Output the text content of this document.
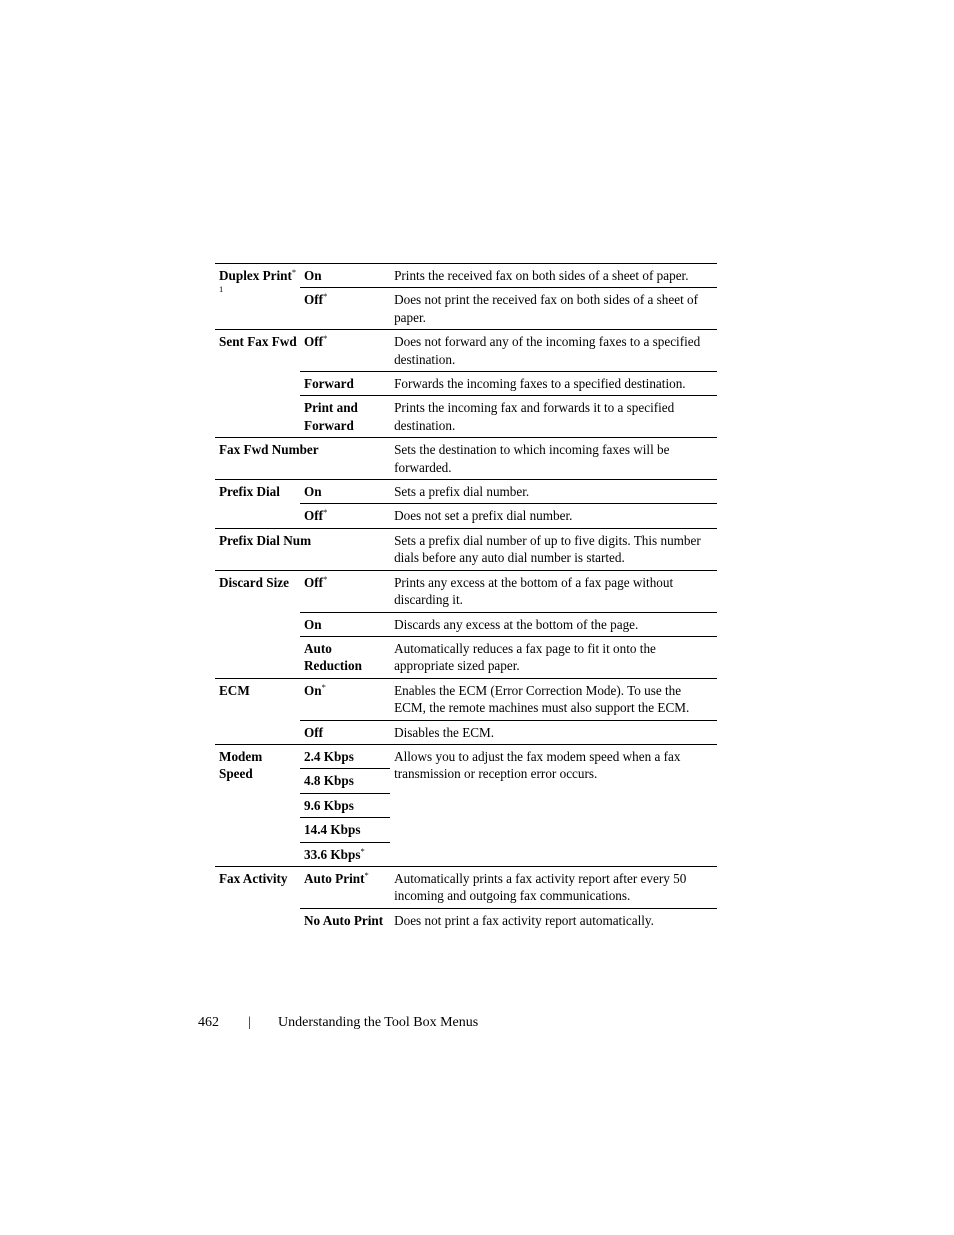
Duplex Print$^{* 1}$	On	Prints the received fax on both sides of a sheet of paper.
	Off*	Does not print the received fax on both sides of a sheet of paper.
Sent Fax Fwd	Off*	Does not forward any of the incoming faxes to a specified destination.
	Forward	Forwards the incoming faxes to a specified destination.
	Print and Forward	Prints the incoming fax and forwards it to a specified destination.
Fax Fwd Number		Sets the destination to which incoming faxes will be forwarded.
Prefix Dial	On	Sets a prefix dial number.
	Off*	Does not set a prefix dial number.
Prefix Dial Num		Sets a prefix dial number of up to five digits. This number dials before any auto dial number is started.
Discard Size	Off*	Prints any excess at the bottom of a fax page without discarding it.
	On	Discards any excess at the bottom of the page.
	Auto Reduction	Automatically reduces a fax page to fit it onto the appropriate sized paper.
ECM	On*	Enables the ECM (Error Correction Mode). To use the ECM, the remote machines must also support the ECM.
	Off	Disables the ECM.
Modem Speed	2.4 Kbps	Allows you to adjust the fax modem speed when a fax transmission or reception error occurs.
	4.8 Kbps	
	9.6 Kbps	
	14.4 Kbps	
	33.6 Kbps*
Fax Activity	Auto Print*	Automatically prints a fax activity report after every 50 incoming and outgoing fax communications.
	No Auto Print	Does not print a fax activity report automatically.
462 | Understanding the Tool Box Menus
